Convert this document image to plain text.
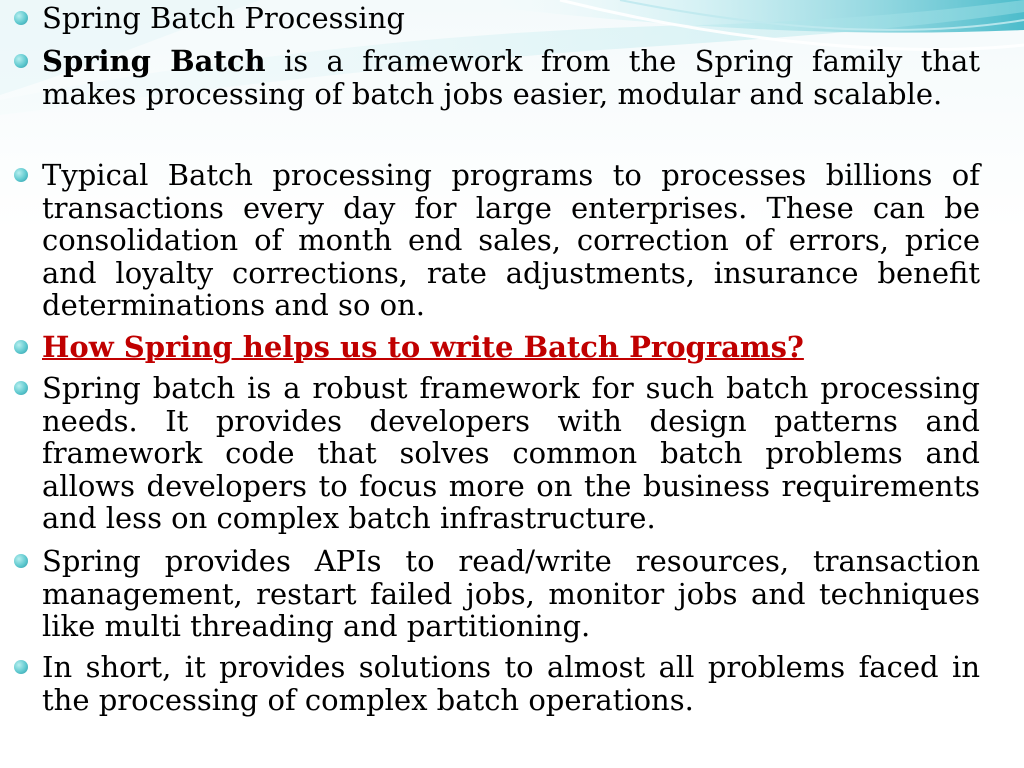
Spring Batch Processing
Spring Batch is a framework from the Spring family that makes processing of batch jobs easier, modular and scalable.
Typical Batch processing programs to processes billions of transactions every day for large enterprises. These can be consolidation of month end sales, correction of errors, price and loyalty corrections, rate adjustments, insurance benefit determinations and so on.
How Spring helps us to write Batch Programs?
Spring batch is a robust framework for such batch processing needs. It provides developers with design patterns and framework code that solves common batch problems and allows developers to focus more on the business requirements and less on complex batch infrastructure.
Spring provides APIs to read/write resources, transaction management, restart failed jobs, monitor jobs and techniques like multi threading and partitioning.
In short, it provides solutions to almost all problems faced in the processing of complex batch operations.
